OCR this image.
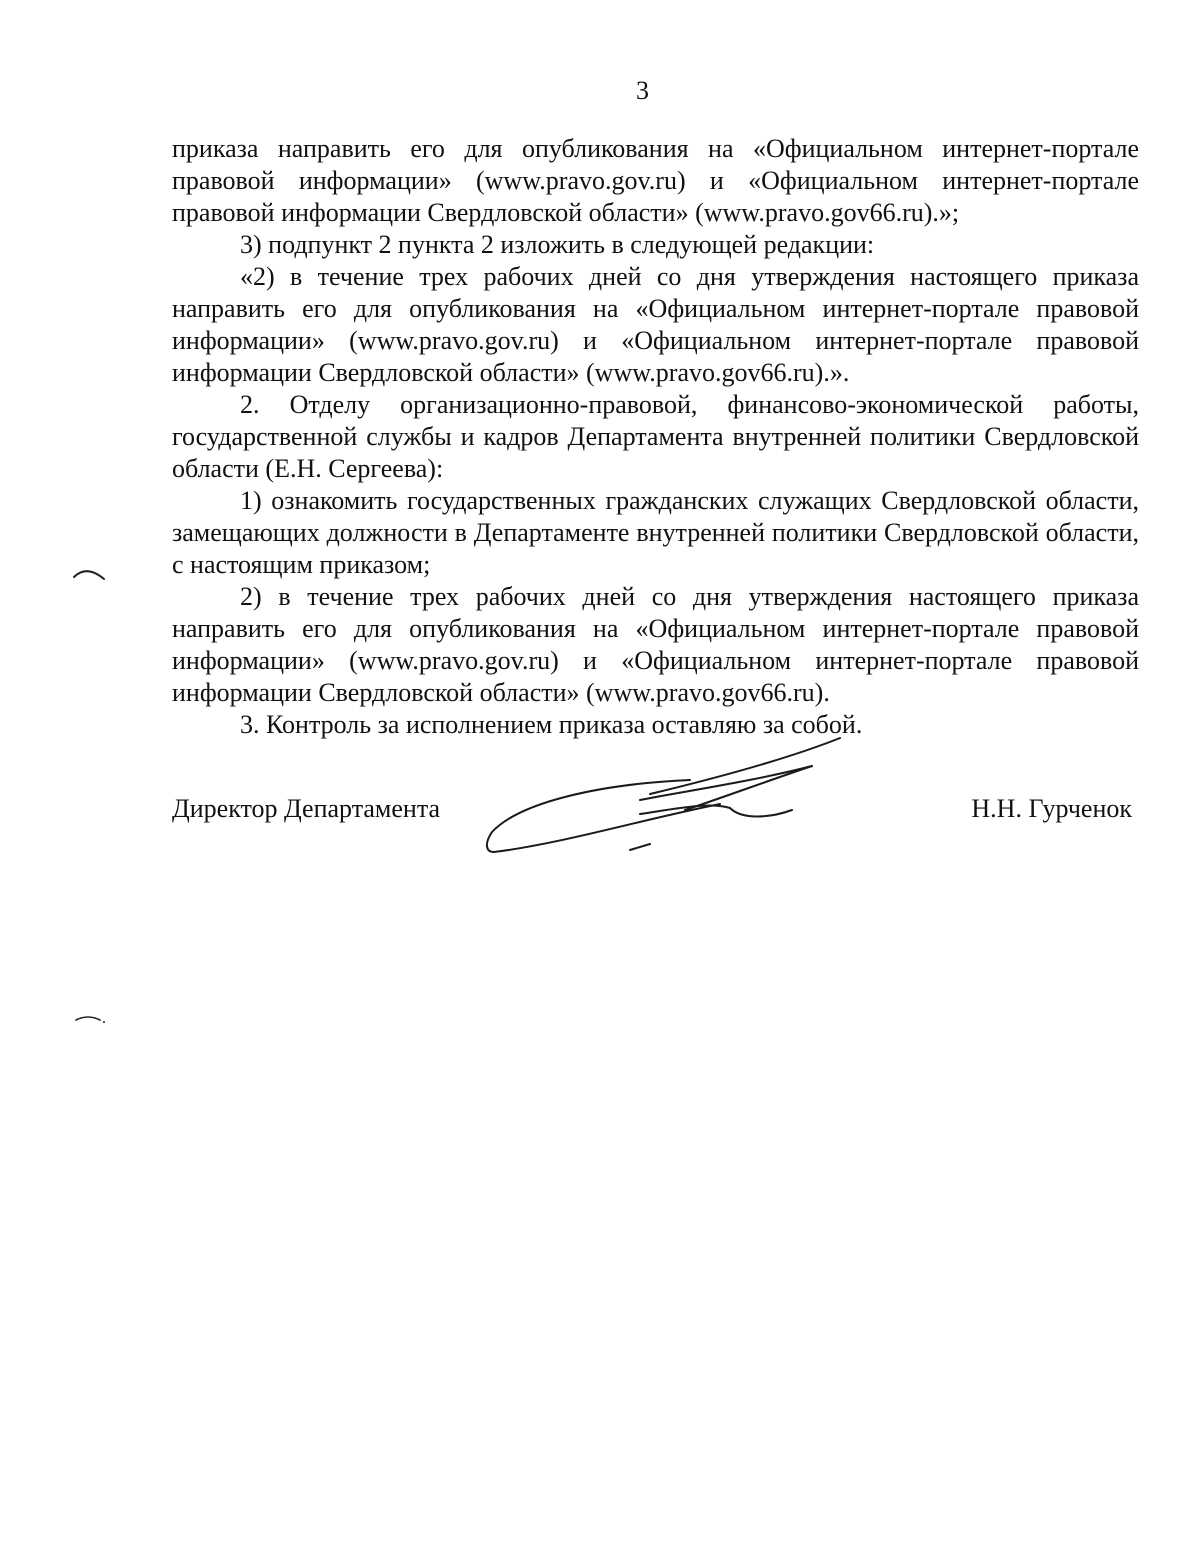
3

приказа направить его для опубликования на «Официальном интернет-портале правовой информации» (www.pravo.gov.ru) и «Официальном интернет-портале правовой информации Свердловской области» (www.pravo.gov66.ru).»;

3) подпункт 2 пункта 2 изложить в следующей редакции:

«2) в течение трех рабочих дней со дня утверждения настоящего приказа направить его для опубликования на «Официальном интернет-портале правовой информации» (www.pravo.gov.ru) и «Официальном интернет-портале правовой информации Свердловской области» (www.pravo.gov66.ru).».

2. Отделу организационно-правовой, финансово-экономической работы, государственной службы и кадров Департамента внутренней политики Свердловской области (Е.Н. Сергеева):

1) ознакомить государственных гражданских служащих Свердловской области, замещающих должности в Департаменте внутренней политики Свердловской области, с настоящим приказом;

2) в течение трех рабочих дней со дня утверждения настоящего приказа направить его для опубликования на «Официальном интернет-портале правовой информации» (www.pravo.gov.ru) и «Официальном интернет-портале правовой информации Свердловской области» (www.pravo.gov66.ru).

3. Контроль за исполнением приказа оставляю за собой.

Директор Департамента	Н.Н. Гурченок
